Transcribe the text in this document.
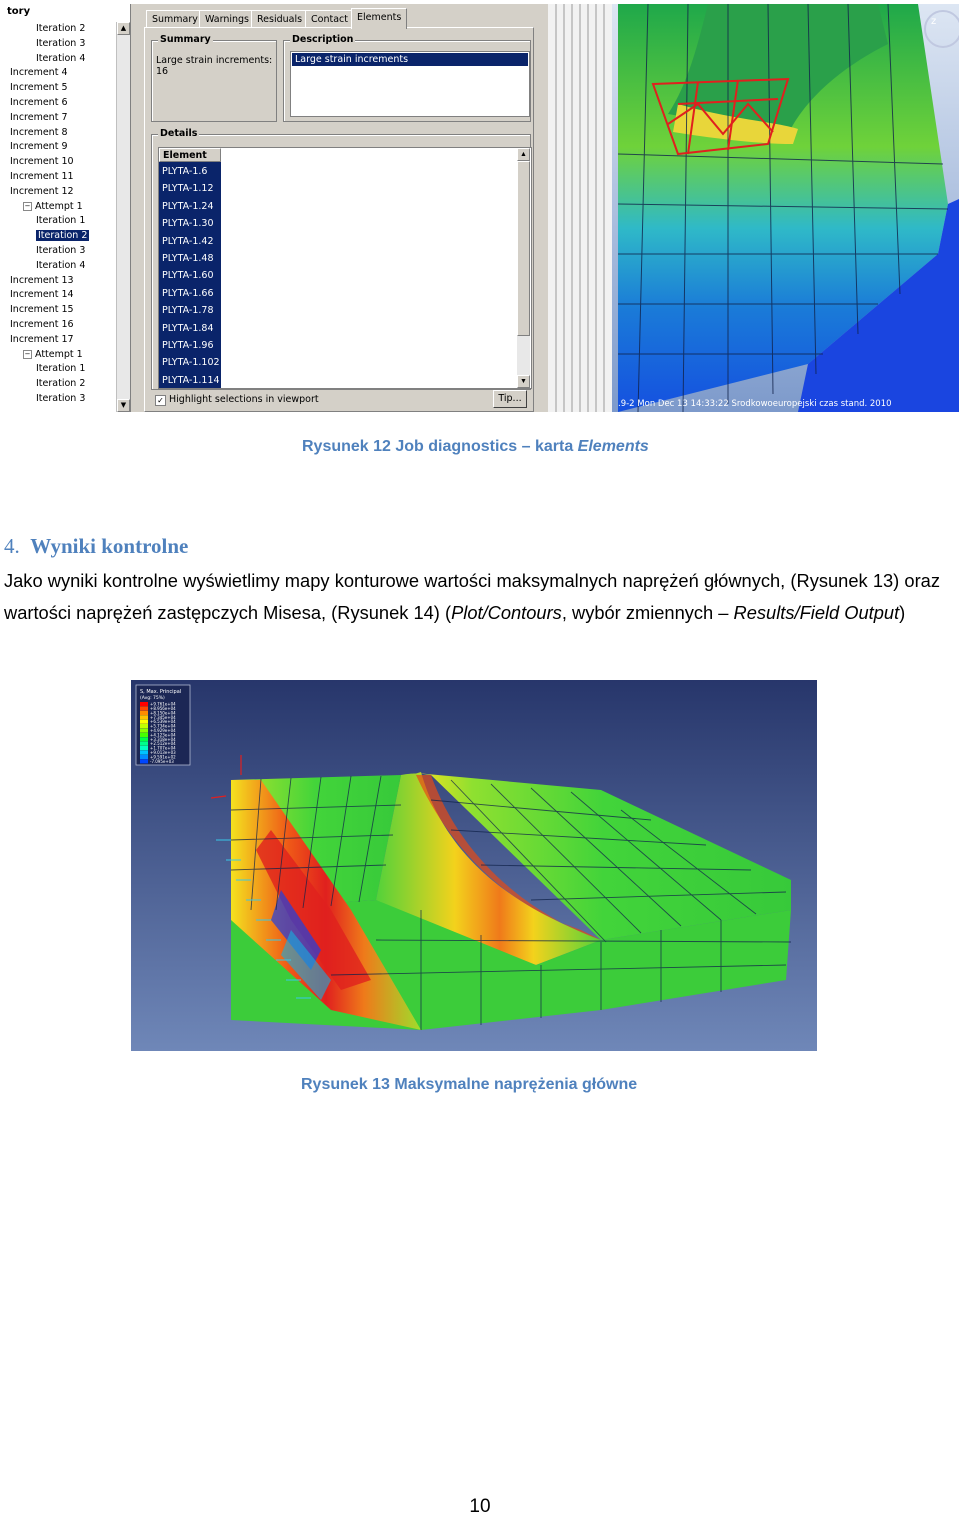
tory
Iteration 2
Iteration 3
Iteration 4
Increment 4
Increment 5
Increment 6
Increment 7
Increment 8
Increment 9
Increment 10
Increment 11
Increment 12
− Attempt 1
Iteration 1
Iteration 2
Iteration 3
Iteration 4
Increment 13
Increment 14
Increment 15
Increment 16
Increment 17
− Attempt 1
Iteration 1
Iteration 2
Iteration 3
▲
▼
Summary Warnings Residuals Contact Elements
Summary
Large strain increments: 16
Description
Large strain increments
Details
Element
PLYTA-1.6
PLYTA-1.12
PLYTA-1.24
PLYTA-1.30
PLYTA-1.42
PLYTA-1.48
PLYTA-1.60
PLYTA-1.66
PLYTA-1.78
PLYTA-1.84
PLYTA-1.96
PLYTA-1.102
PLYTA-1.114
▲
▼
✓ Highlight selections in viewport	Tip...
z
.9-2 Mon Dec 13 14:33:22 Srodkowoeuropejski czas stand. 2010
Rysunek 12 Job diagnostics – karta Elements
4. Wyniki kontrolne
Jako wyniki kontrolne wyświetlimy mapy konturowe wartości maksymalnych naprężeń głównych, (Rysunek 13) oraz wartości naprężeń zastępczych Misesa, (Rysunek 14) (Plot/Contours, wybór zmiennych – Results/Field Output)
S, Max. Principal
(Avg: 75%)
+9.761e+04
+8.956e+04
+8.150e+04
+7.345e+04
+6.539e+04
+5.734e+04
+4.929e+04
+4.123e+04
+3.318e+04
+2.512e+04
+1.707e+04
+9.013e+03
+9.591e+02
-7.095e+03
Rysunek 13 Maksymalne naprężenia główne
10
